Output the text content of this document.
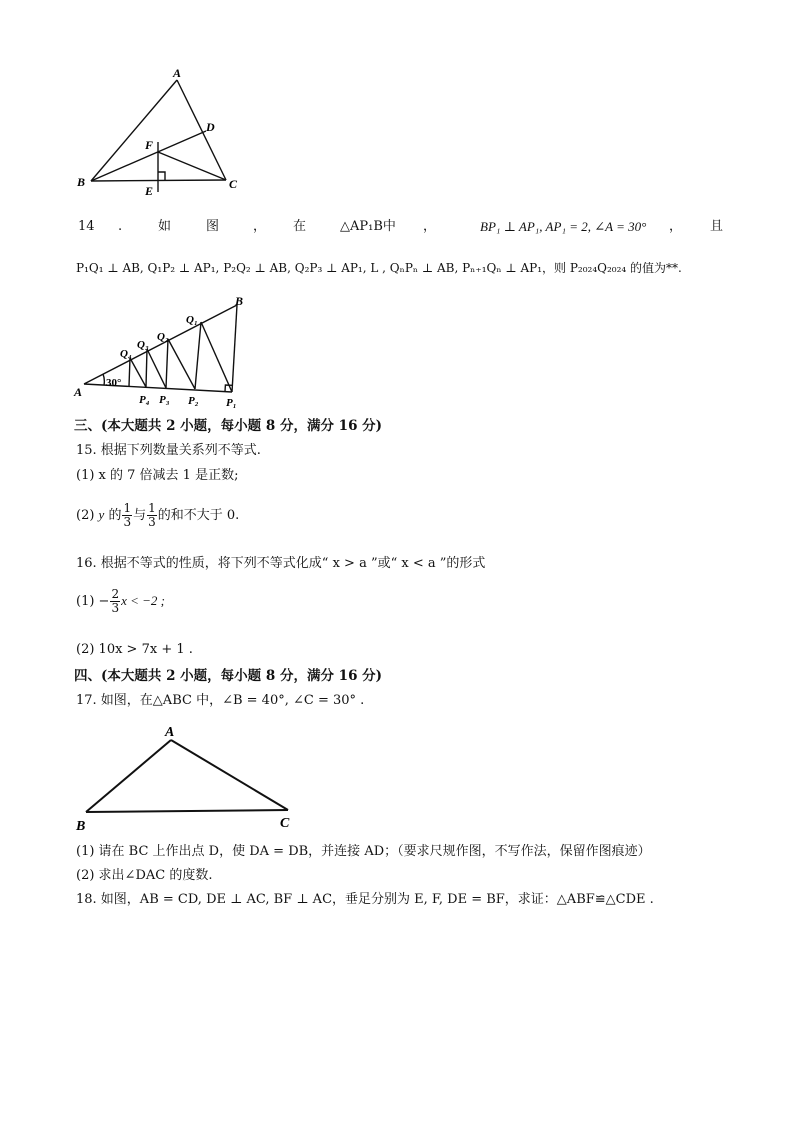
A
B	C
D
E
F
14 .	如	图	， 在	△AP₁B中 ，	BP₁ ⊥ AP₁, AP₁ = 2, ∠A = 30° ， 且
P₁Q₁ ⊥ AB, Q₁P₂ ⊥ AP₁, P₂Q₂ ⊥ AB, Q₂P₃ ⊥ AP₁, L , QₙPₙ ⊥ AB, Pₙ₊₁Qₙ ⊥ AP₁，则 P₂₀₂₄Q₂₀₂₄ 的值为**.
A
B
30°
Q₁
Q₂
Q₃
Q₄
P₁
P₂
P₃
P₄
三、(本大题共 2 小题，每小题 8 分，满分 16 分)
15. 根据下列数量关系列不等式.
(1) x 的 7 倍减去 1 是正数;
(2) y 的 $\frac{1}{3}$ 与 $\frac{1}{3}$ 的和不大于 0.
16. 根据不等式的性质，将下列不等式化成“ x > a ”或“ x < a ”的形式
$(1) - \frac{2}{3}$ x < −2 ;
(2) 10x > 7x + 1 .
四、(本大题共 2 小题，每小题 8 分，满分 16 分)
17. 如图，在△ABC 中，∠B = 40°, ∠C = 30° .
A
B	C
(1) 请在 BC 上作出点 D，使 DA = DB，并连接 AD；（要求尺规作图，不写作法，保留作图痕迹）
(2) 求出∠DAC 的度数.
18. 如图，AB = CD, DE ⊥ AC, BF ⊥ AC，垂足分别为 E, F, DE = BF，求证：△ABF≌△CDE .
